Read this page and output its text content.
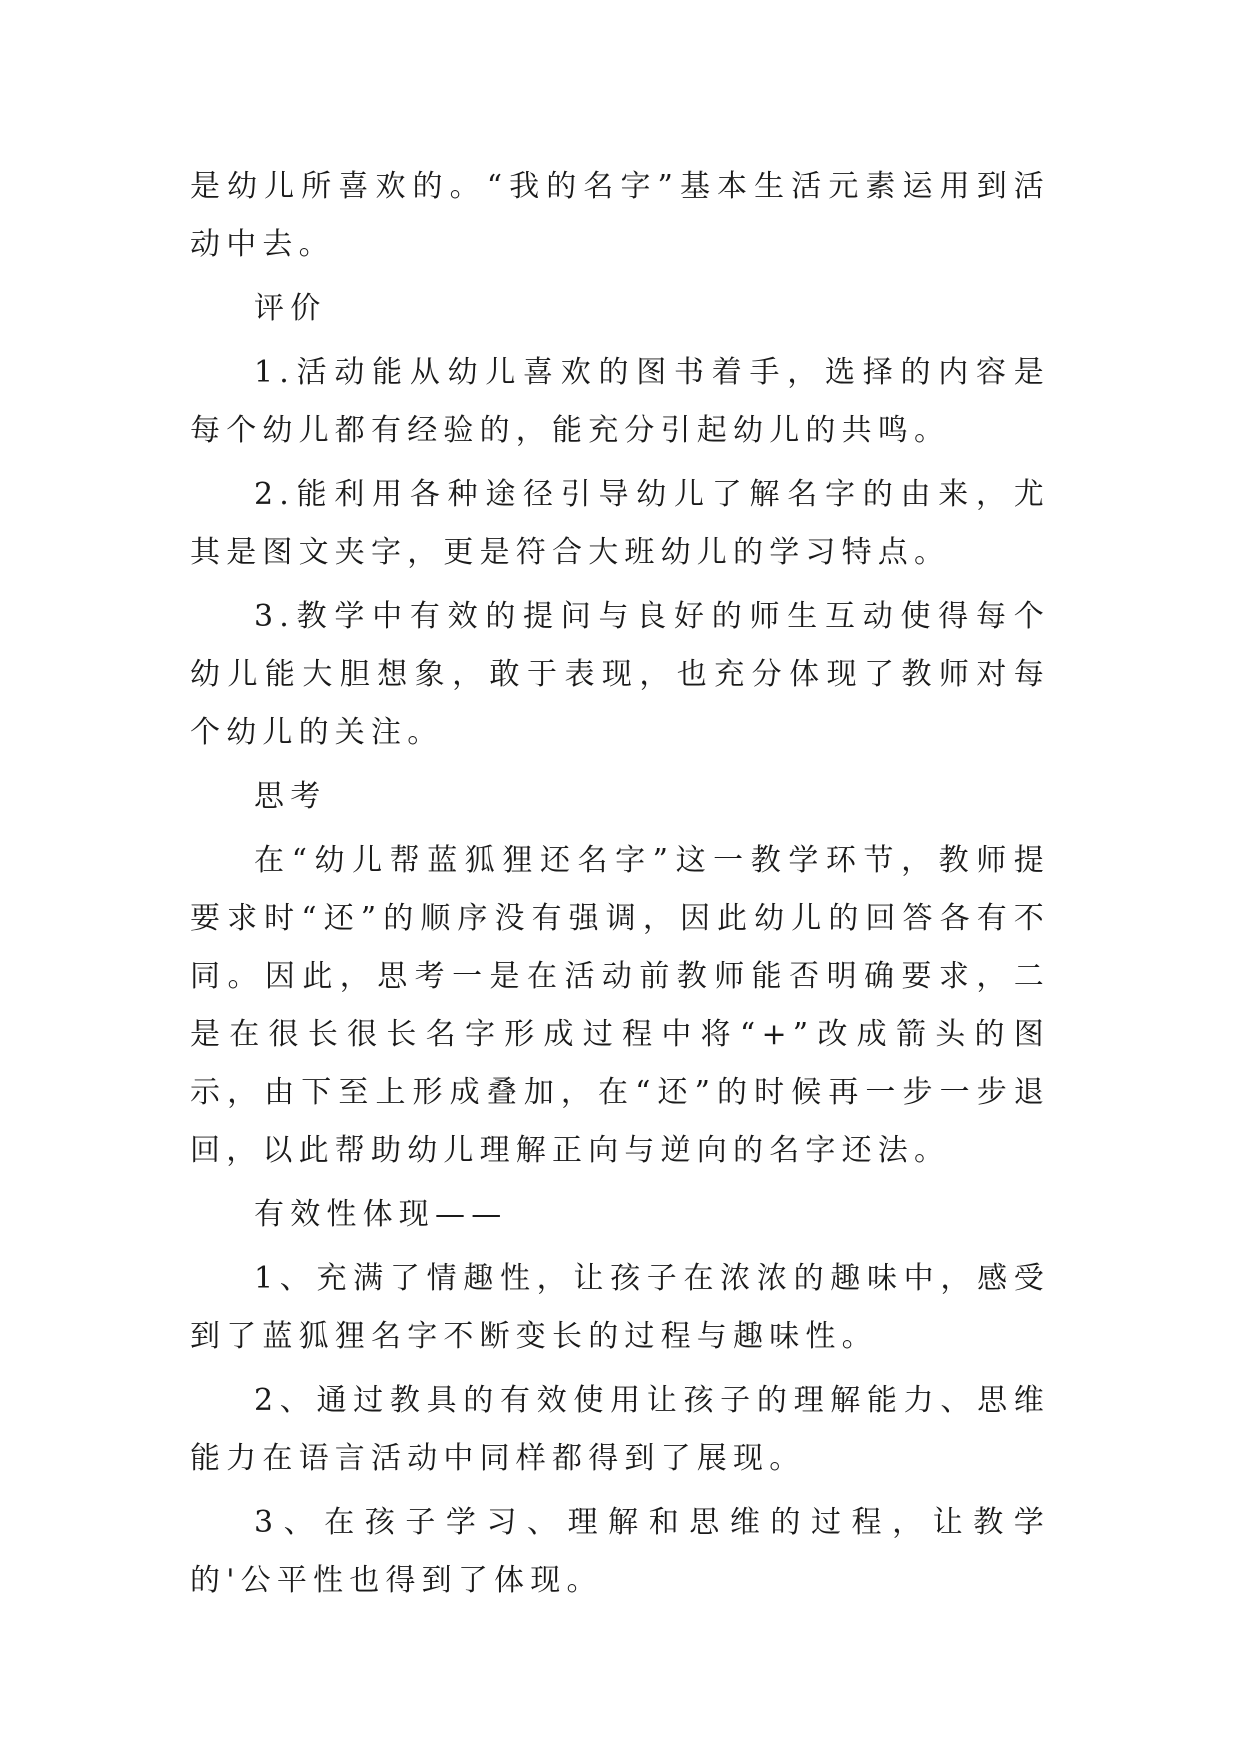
是幼儿所喜欢的。“我的名字”基本生活元素运用到活动中去。

评价

1.活动能从幼儿喜欢的图书着手，选择的内容是每个幼儿都有经验的，能充分引起幼儿的共鸣。

2.能利用各种途径引导幼儿了解名字的由来，尤其是图文夹字，更是符合大班幼儿的学习特点。

3.教学中有效的提问与良好的师生互动使得每个幼儿能大胆想象，敢于表现，也充分体现了教师对每个幼儿的关注。

思考

在“幼儿帮蓝狐狸还名字”这一教学环节，教师提要求时“还”的顺序没有强调，因此幼儿的回答各有不同。因此，思考一是在活动前教师能否明确要求，二是在很长很长名字形成过程中将“+”改成箭头的图示，由下至上形成叠加，在“还”的时候再一步一步退回，以此帮助幼儿理解正向与逆向的名字还法。

有效性体现——

1、充满了情趣性，让孩子在浓浓的趣味中，感受到了蓝狐狸名字不断变长的过程与趣味性。

2、通过教具的有效使用让孩子的理解能力、思维能力在语言活动中同样都得到了展现。

3、在孩子学习、理解和思维的过程，让教学的'公平性也得到了体现。
